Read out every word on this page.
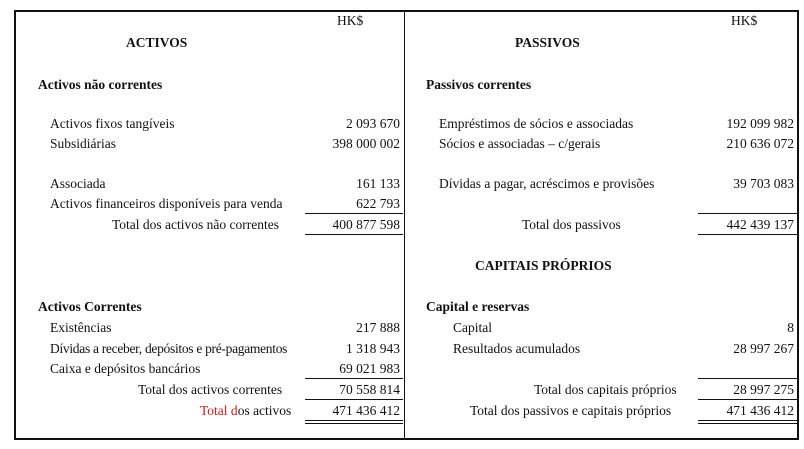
HK$
ACTIVOS
Activos não correntes
Activos fixos tangíveis	2 093 670
Subsidiárias	398 000 002
Associada	161 133
Activos financeiros disponíveis para venda	622 793
Total dos activos não correntes	400 877 598
Activos Correntes
Existências	217 888
Dívidas a receber, depósitos e pré-pagamentos	1 318 943
Caixa e depósitos bancários	69 021 983
Total dos activos correntes	70 558 814
Total dos activos	471 436 412
HK$
PASSIVOS
Passivos correntes
Empréstimos de sócios e associadas	192 099 982
Sócios e associadas – c/gerais	210 636 072
Dívidas a pagar, acréscimos e provisões	39 703 083
Total dos passivos	442 439 137
CAPITAIS PRÓPRIOS
Capital e reservas
Capital	8
Resultados acumulados	28 997 267
Total dos capitais próprios	28 997 275
Total dos passivos e capitais próprios	471 436 412
